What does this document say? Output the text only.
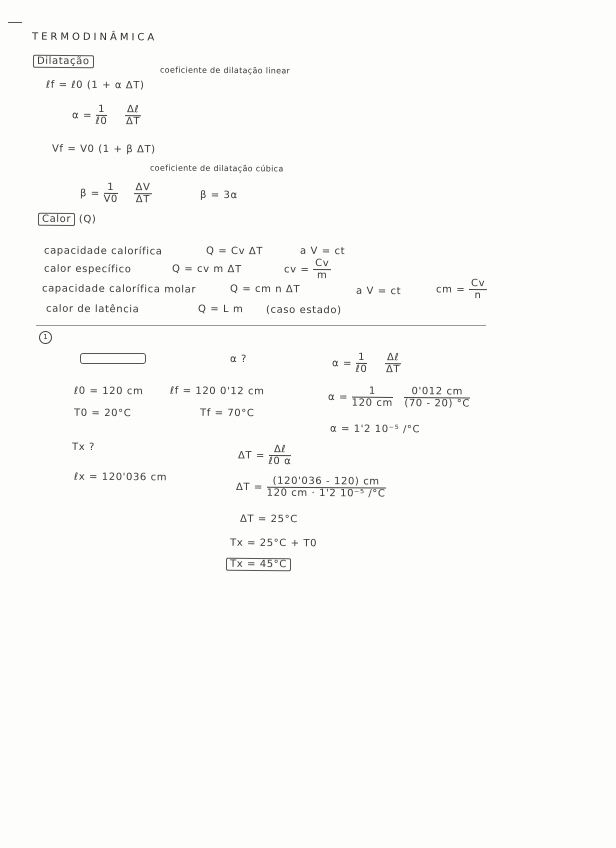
TERMODINÂMICA
Dilatação
ℓf = ℓ0 (1 + α ΔT)
coeficiente de dilatação linear
$\alpha = \frac{1}{\text{ℓ0}}$
$\frac{\text{Δℓ}}{\Delta T}$
Vf = V0 (1 + β ΔT)
coeficiente de dilatação cúbica
$\beta = \frac{1}{V0}$
$\frac{\Delta V}{\Delta T}$	β = 3α
Calor (Q)
capacidade calorífica	Q = Cv ΔT	a V = ct
calor específico	Q = cv m ΔT	cv = $\frac{Cv}{m}$
capacidade calorífica molar	Q = cm n ΔT	a V = ct	cm = $\frac{Cv}{n}$
calor de latência	Q = L m (caso estado)
1
α ?	$\alpha = \frac{1}{\text{ℓ0}}$
$\frac{\text{Δℓ}}{\Delta T}$
ℓ0 = 120 cm	ℓf = 120 0'12 cm
T0 = 20°C	Tf = 70°C
$\alpha = \frac{1}{120 cm}$
$\frac{0'012 cm}{(70 - 20) ^\circ C}$
α = 1'2 10⁻⁵ /°C
Tx ?
ℓx = 120'036 cm
$\Delta T = \frac{\text{Δℓ}}{\text{ℓ0 α}}$
$\Delta T = \frac{(120'036 - 120) cm}{\text{120 cm · 1'2 10⁻⁵ /°C}}$
ΔT = 25°C
Tx = 25°C + T0
Tx = 45°C
